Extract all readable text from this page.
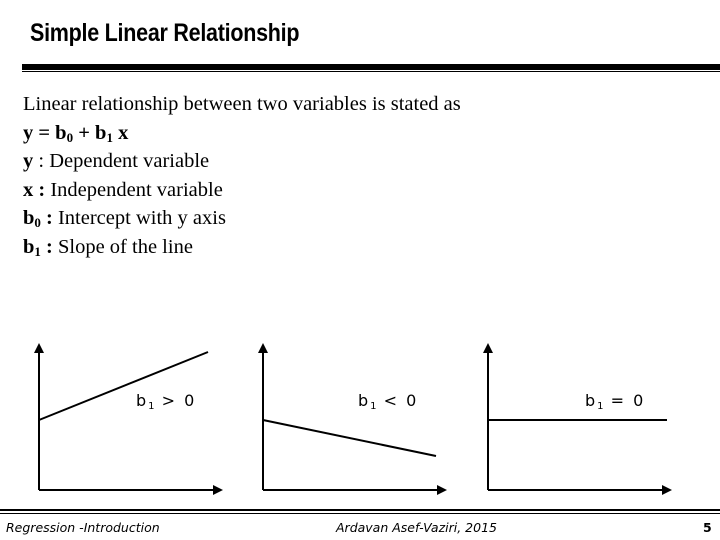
Simple Linear Relationship
Linear relationship between two variables is stated as
$y = b_0 + b_1$ x
y : Dependent variable
x : Independent variable
$b_0$ : Intercept with y axis
$b_1$ : Slope of the line
$b_1 > 0$	$b_1 < 0$	$b_1 = 0$
Regression -Introduction	Ardavan Asef-Vaziri, 2015	5
